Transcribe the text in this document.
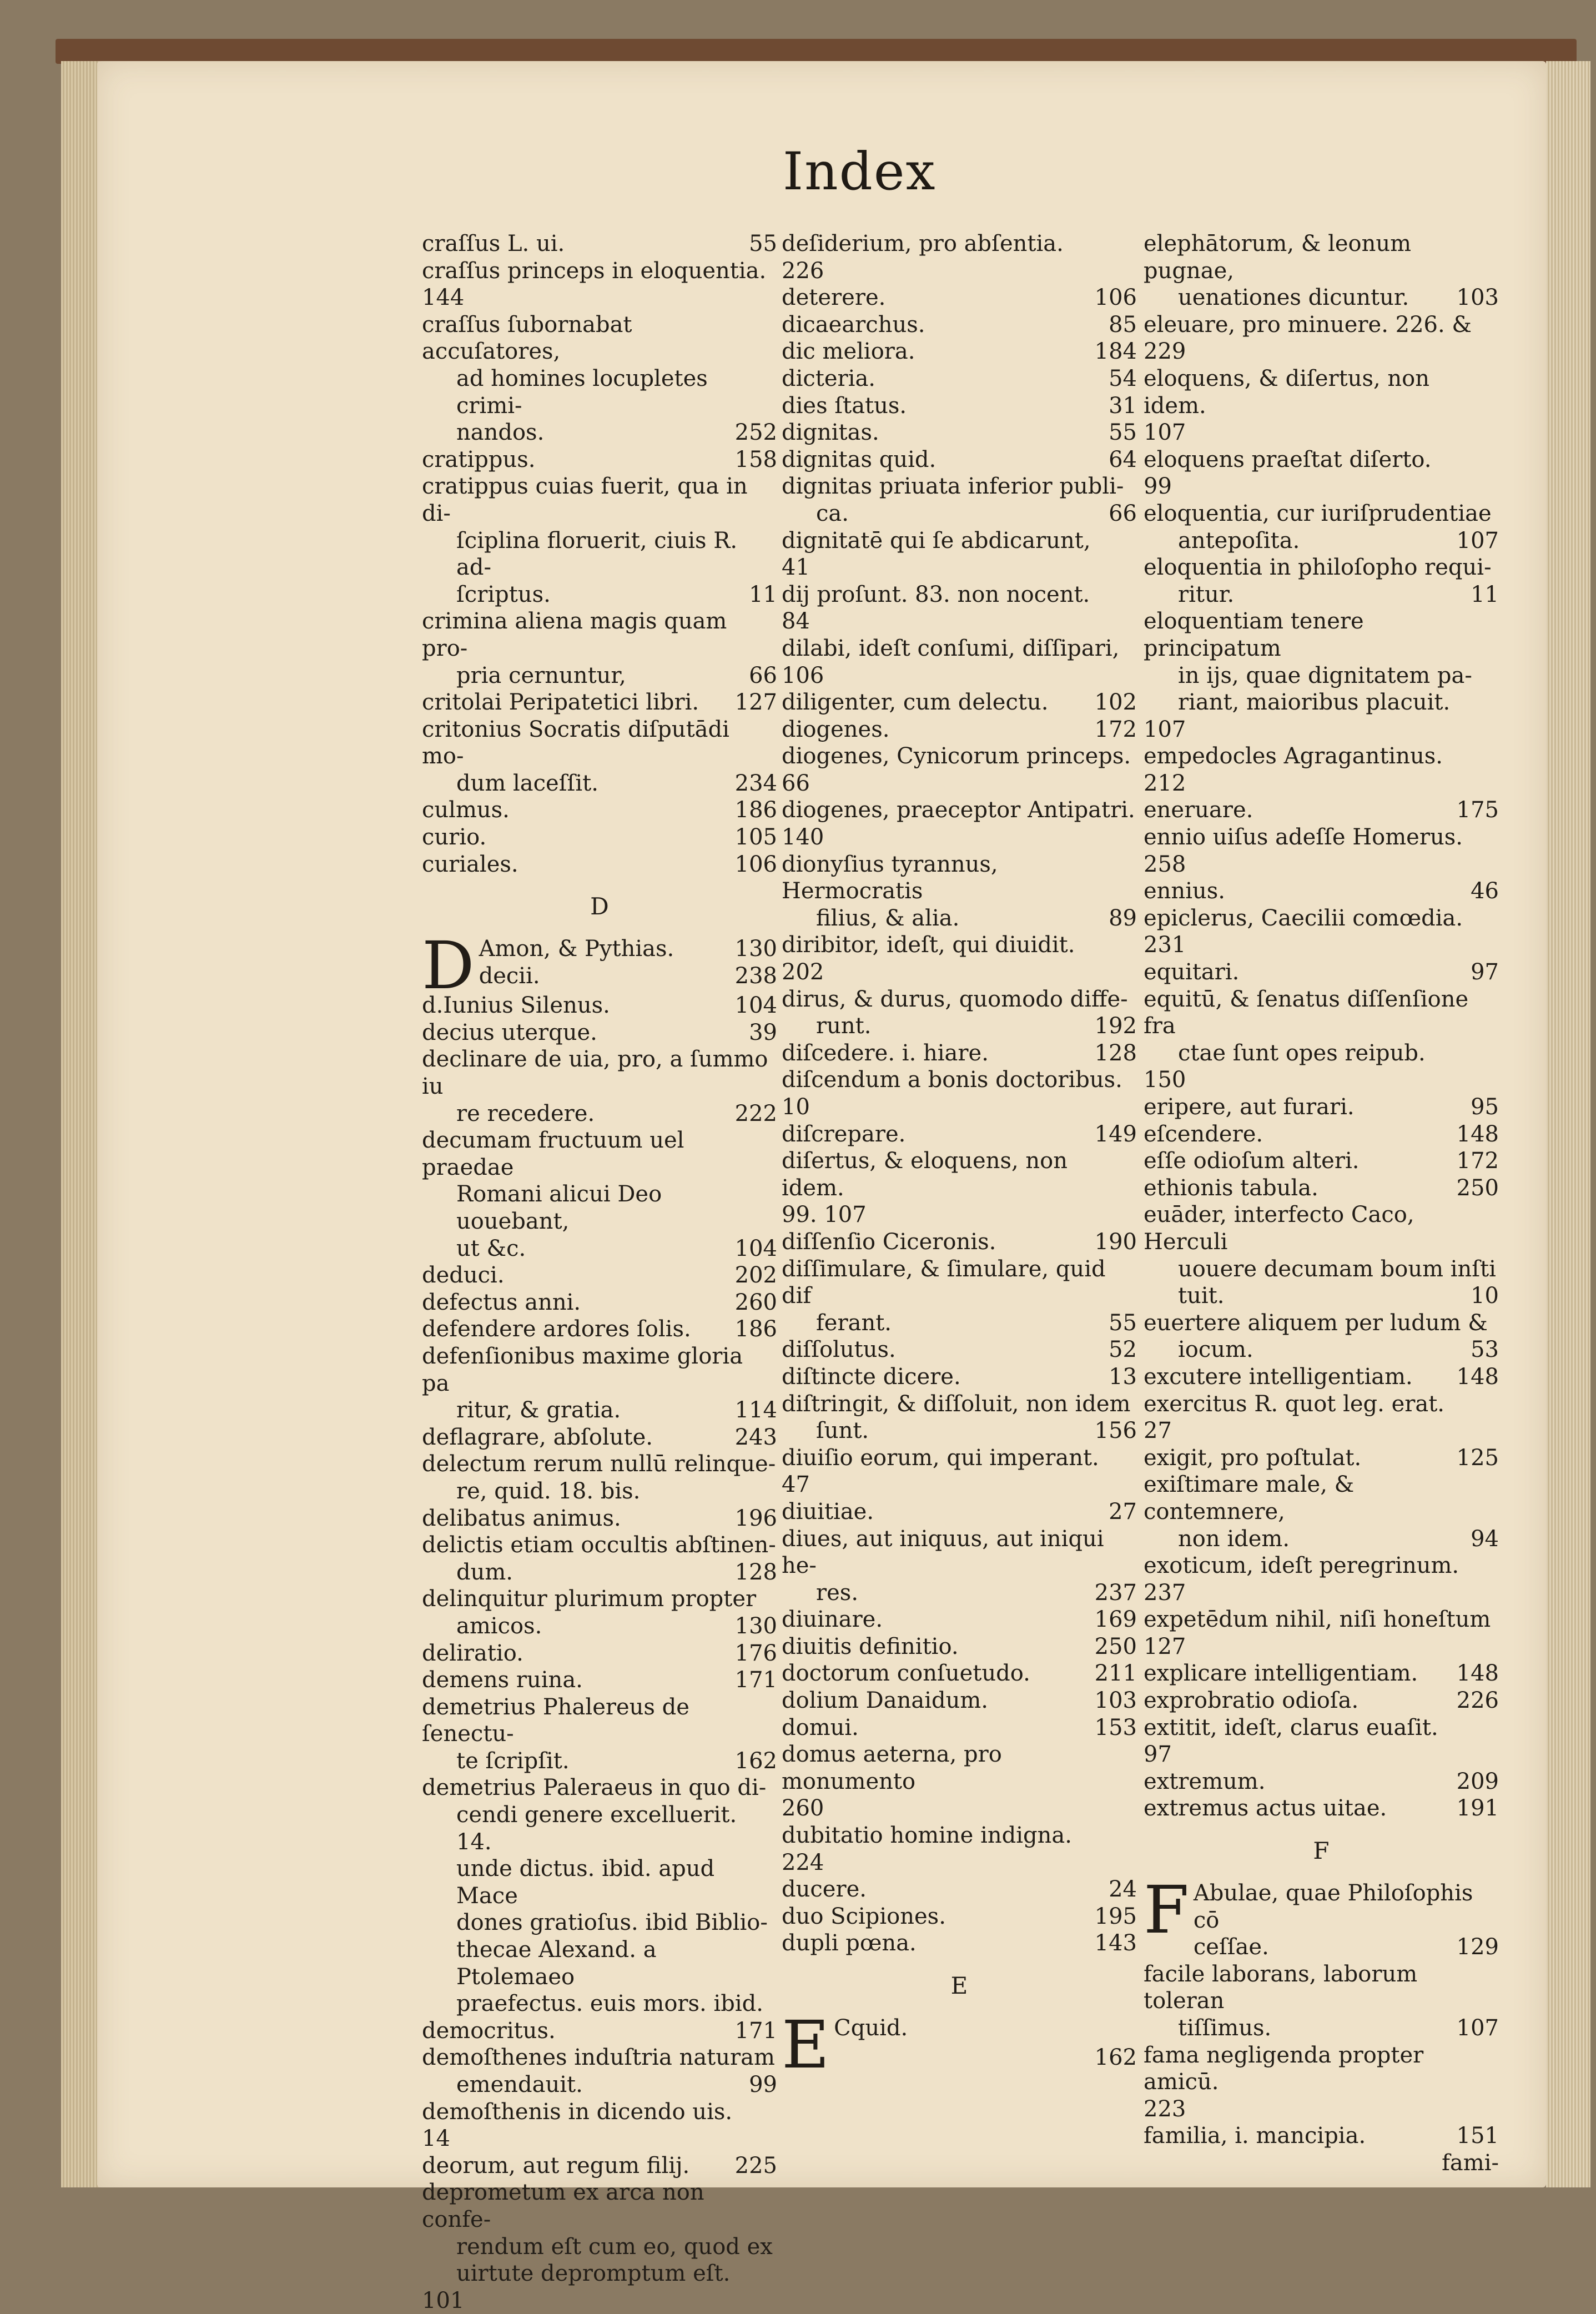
Index
craſſus L. ui.	55
craſſus princeps in eloquentia.
144
craſſus ſubornabat accuſatores,
ad homines locupletes crimi-
nandos.	252
cratippus.	158
cratippus cuias fuerit, qua in di-
ſciplina floruerit, ciuis R. ad-
ſcriptus.	11
crimina aliena magis quam pro-
pria cernuntur,	66
critolai Peripatetici libri.	127
critonius Socratis diſputādi mo-
dum laceſſit.	234
culmus.	186
curio.	105
curiales.	106
D
D Amon, & Pythias.	130
decii.	238
d.Iunius Silenus.	104
decius uterque.	39
declinare de uia, pro, a ſummo iu
re recedere.	222
decumam fructuum uel praedae
Romani alicui Deo uouebant,
ut &c.	104
deduci.	202
defectus anni.	260
defendere ardores ſolis.	186
defenſionibus maxime gloria pa
ritur, & gratia.	114
deflagrare, abſolute.	243
delectum rerum nullū relinque-
re, quid. 18. bis.
delibatus animus.	196
delictis etiam occultis abſtinen-
dum.	128
delinquitur plurimum propter
amicos.	130
deliratio.	176
demens ruina.	171
demetrius Phalereus de ſenectu-
te ſcripſit.	162
demetrius Paleraeus in quo di-
cendi genere excelluerit. 14.
unde dictus. ibid. apud Mace
dones gratioſus. ibid Biblio-
thecae Alexand. a Ptolemaeo
praefectus. euis mors. ibid.
democritus.	171
demoſthenes induſtria naturam
emendauit.	99
demoſthenis in dicendo uis.
14
deorum, aut regum filij.	225
deprometum ex arca non confe-
rendum eſt cum eo, quod ex
uirtute depromptum eſt.
101
deſiderium, pro abſentia.
226
deterere.	106
dicaearchus.	85
dic meliora.	184
dicteria.	54
dies ſtatus.	31
dignitas.	55
dignitas quid.	64
dignitas priuata inferior publi-
ca.	66
dignitatē qui ſe abdicarunt,
41
dij proſunt. 83. non nocent.
84
dilabi, ideſt conſumi, diſſipari,
106
diligenter, cum delectu.	102
diogenes.	172
diogenes, Cynicorum princeps.
66
diogenes, praeceptor Antipatri.
140
dionyſius tyrannus, Hermocratis
filius, & alia.	89
diribitor, ideſt, qui diuidit.
202
dirus, & durus, quomodo diffe-
runt.	192
diſcedere. i. hiare.	128
diſcendum a bonis doctoribus.
10
diſcrepare.	149
diſertus, & eloquens, non idem.
99. 107
diſſenſio Ciceronis.	190
diſſimulare, & ſimulare, quid dif
ferant.	55
diſſolutus.	52
diſtincte dicere.	13
diſtringit, & diſſoluit, non idem
ſunt.	156
diuiſio eorum, qui imperant.
47
diuitiae.	27
diues, aut iniquus, aut iniqui he-
res.	237
diuinare.	169
diuitis definitio.	250
doctorum conſuetudo.	211
dolium Danaidum.	103
domui.	153
domus aeterna, pro monumento
260
dubitatio homine indigna.
224
ducere.	24
duo Scipiones.	195
dupli pœna.	143
E
E Cquid.
162
elephātorum, & leonum pugnae,
uenationes dicuntur.	103
eleuare, pro minuere. 226. &
229
eloquens, & diſertus, non idem.
107
eloquens praeſtat diſerto.
99
eloquentia, cur iuriſprudentiae
antepoſita.	107
eloquentia in philoſopho requi-
ritur.	11
eloquentiam tenere principatum
in ijs, quae dignitatem pa-
riant, maioribus placuit.
107
empedocles Agragantinus.
212
eneruare.	175
ennio uiſus adeſſe Homerus.
258
ennius.	46
epiclerus, Caecilii comœdia.
231
equitari.	97
equitū, & ſenatus diſſenſione fra
ctae ſunt opes reipub.
150
eripere, aut furari.	95
eſcendere.	148
eſſe odioſum alteri.	172
ethionis tabula.	250
euāder, interfecto Caco, Herculi
uouere decumam boum inſti
tuit.	10
euertere aliquem per ludum &
iocum.	53
excutere intelligentiam.	148
exercitus R. quot leg. erat.
27
exigit, pro poſtulat.	125
exiſtimare male, & contemnere,
non idem.	94
exoticum, ideſt peregrinum.
237
expetēdum nihil, niſi honeſtum
127
explicare intelligentiam.	148
exprobratio odioſa.	226
extitit, ideſt, clarus euaſit.
97
extremum.	209
extremus actus uitae.	191
F
F Abulae, quae Philoſophis cō
ceſſae.	129
facile laborans, laborum toleran
tiſſimus.	107
fama negligenda propter amicū.
223
familia, i. mancipia.	151
fami-
